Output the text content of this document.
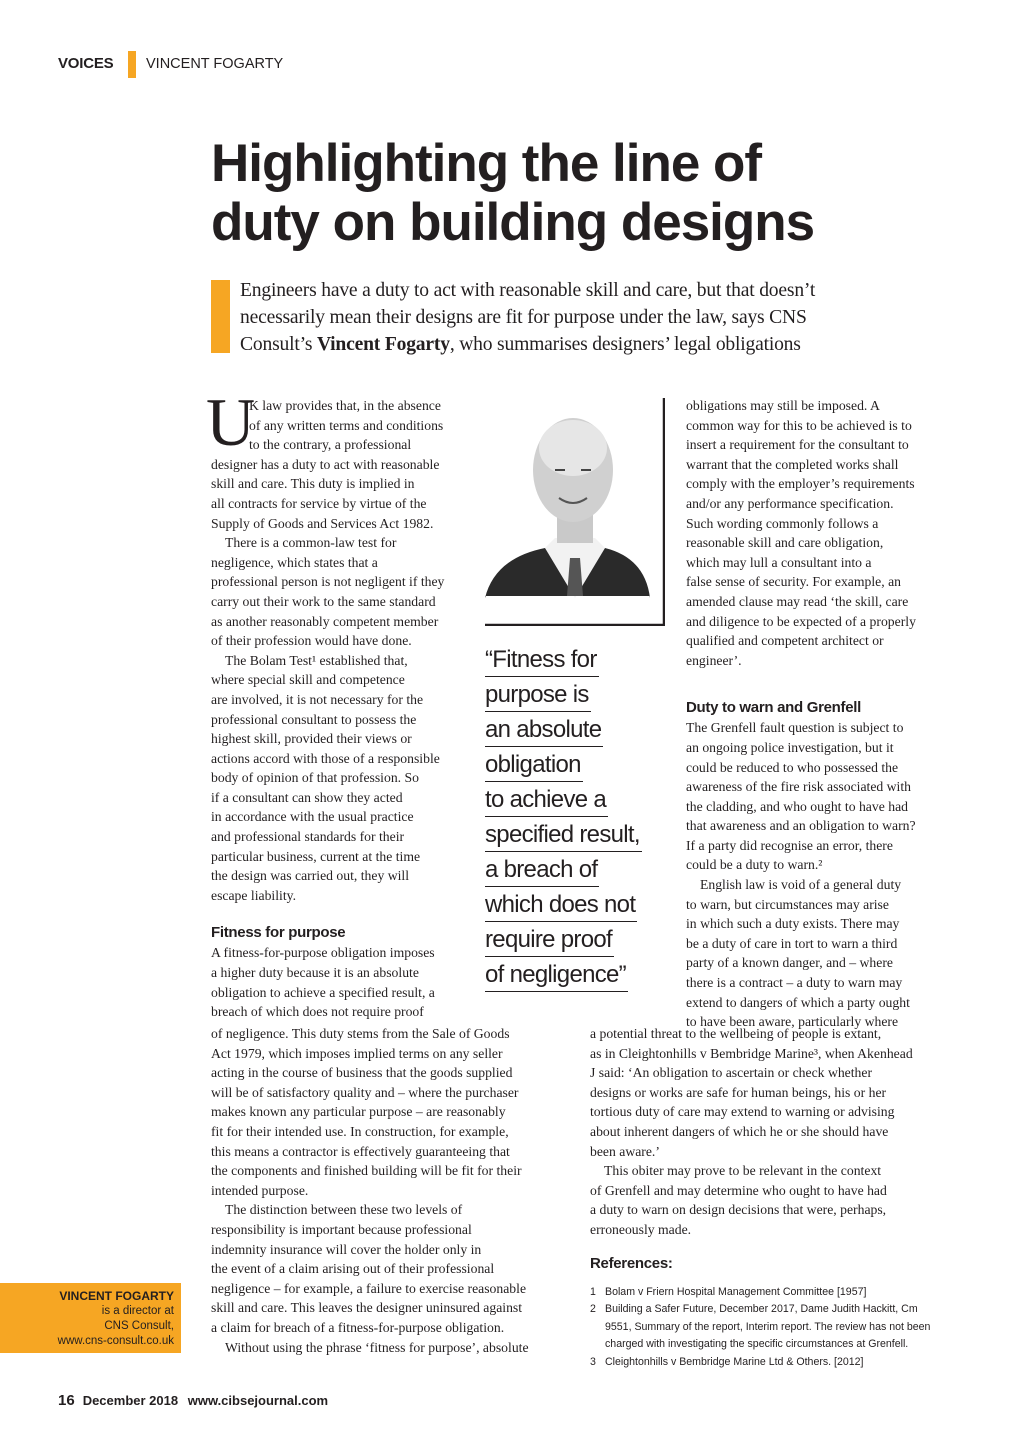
VOICES VINCENT FOGARTY
Highlighting the line of
duty on building designs
Engineers have a duty to act with reasonable skill and care, but that doesn’t
necessarily mean their designs are fit for purpose under the law, says CNS
Consult’s Vincent Fogarty, who summarises designers’ legal obligations
K law provides that, in the absence
of any written terms and conditions
to the contrary, a professional
designer has a duty to act with reasonable
skill and care. This duty is implied in
all contracts for service by virtue of the
Supply of Goods and Services Act 1982.
There is a common-law test for
negligence, which states that a
professional person is not negligent if they
carry out their work to the same standard
as another reasonably competent member
of their profession would have done.
The Bolam Test¹ established that,
where special skill and competence
are involved, it is not necessary for the
professional consultant to possess the
highest skill, provided their views or
actions accord with those of a responsible
body of opinion of that profession. So
if a consultant can show they acted
in accordance with the usual practice
and professional standards for their
particular business, current at the time
the design was carried out, they will
escape liability.
Fitness for purpose
A fitness-for-purpose obligation imposes
a higher duty because it is an absolute
obligation to achieve a specified result, a
breach of which does not require proof
U
of negligence. This duty stems from the Sale of Goods
Act 1979, which imposes implied terms on any seller
acting in the course of business that the goods supplied
will be of satisfactory quality and – where the purchaser
makes known any particular purpose – are reasonably
fit for their intended use. In construction, for example,
this means a contractor is effectively guaranteeing that
the components and finished building will be fit for their
intended purpose.
The distinction between these two levels of
responsibility is important because professional
indemnity insurance will cover the holder only in
the event of a claim arising out of their professional
negligence – for example, a failure to exercise reasonable
skill and care. This leaves the designer uninsured against
a claim for breach of a fitness-for-purpose obligation.
Without using the phrase ‘fitness for purpose’, absolute
obligations may still be imposed. A
common way for this to be achieved is to
insert a requirement for the consultant to
warrant that the completed works shall
comply with the employer’s requirements
and/or any performance specification.
Such wording commonly follows a
reasonable skill and care obligation,
which may lull a consultant into a
false sense of security. For example, an
amended clause may read ‘the skill, care
and diligence to be expected of a properly
qualified and competent architect or
engineer’.
Duty to warn and Grenfell
The Grenfell fault question is subject to
an ongoing police investigation, but it
could be reduced to who possessed the
awareness of the fire risk associated with
the cladding, and who ought to have had
that awareness and an obligation to warn?
If a party did recognise an error, there
could be a duty to warn.²
English law is void of a general duty
to warn, but circumstances may arise
in which such a duty exists. There may
be a duty of care in tort to warn a third
party of a known danger, and – where
there is a contract – a duty to warn may
extend to dangers of which a party ought
to have been aware, particularly where
a potential threat to the wellbeing of people is extant,
as in Cleightonhills v Bembridge Marine³, when Akenhead
J said: ‘An obligation to ascertain or check whether
designs or works are safe for human beings, his or her
tortious duty of care may extend to warning or advising
about inherent dangers of which he or she should have
been aware.’
This obiter may prove to be relevant in the context
of Grenfell and may determine who ought to have had
a duty to warn on design decisions that were, perhaps,
erroneously made.
References:
1 Bolam v Friern Hospital Management Committee [1957]
2 Building a Safer Future, December 2017, Dame Judith Hackitt, Cm
9551, Summary of the report, Interim report. The review has not been
charged with investigating the specific circumstances at Grenfell.
3 Cleightonhills v Bembridge Marine Ltd & Others. [2012]
“Fitness for
purpose is
an absolute
obligation
to achieve a
specified result,
a breach of
which does not
require proof
of negligence”
VINCENT FOGARTY
is a director at
CNS Consult,
www.cns-consult.co.uk
16 December 2018 www.cibsejournal.com
